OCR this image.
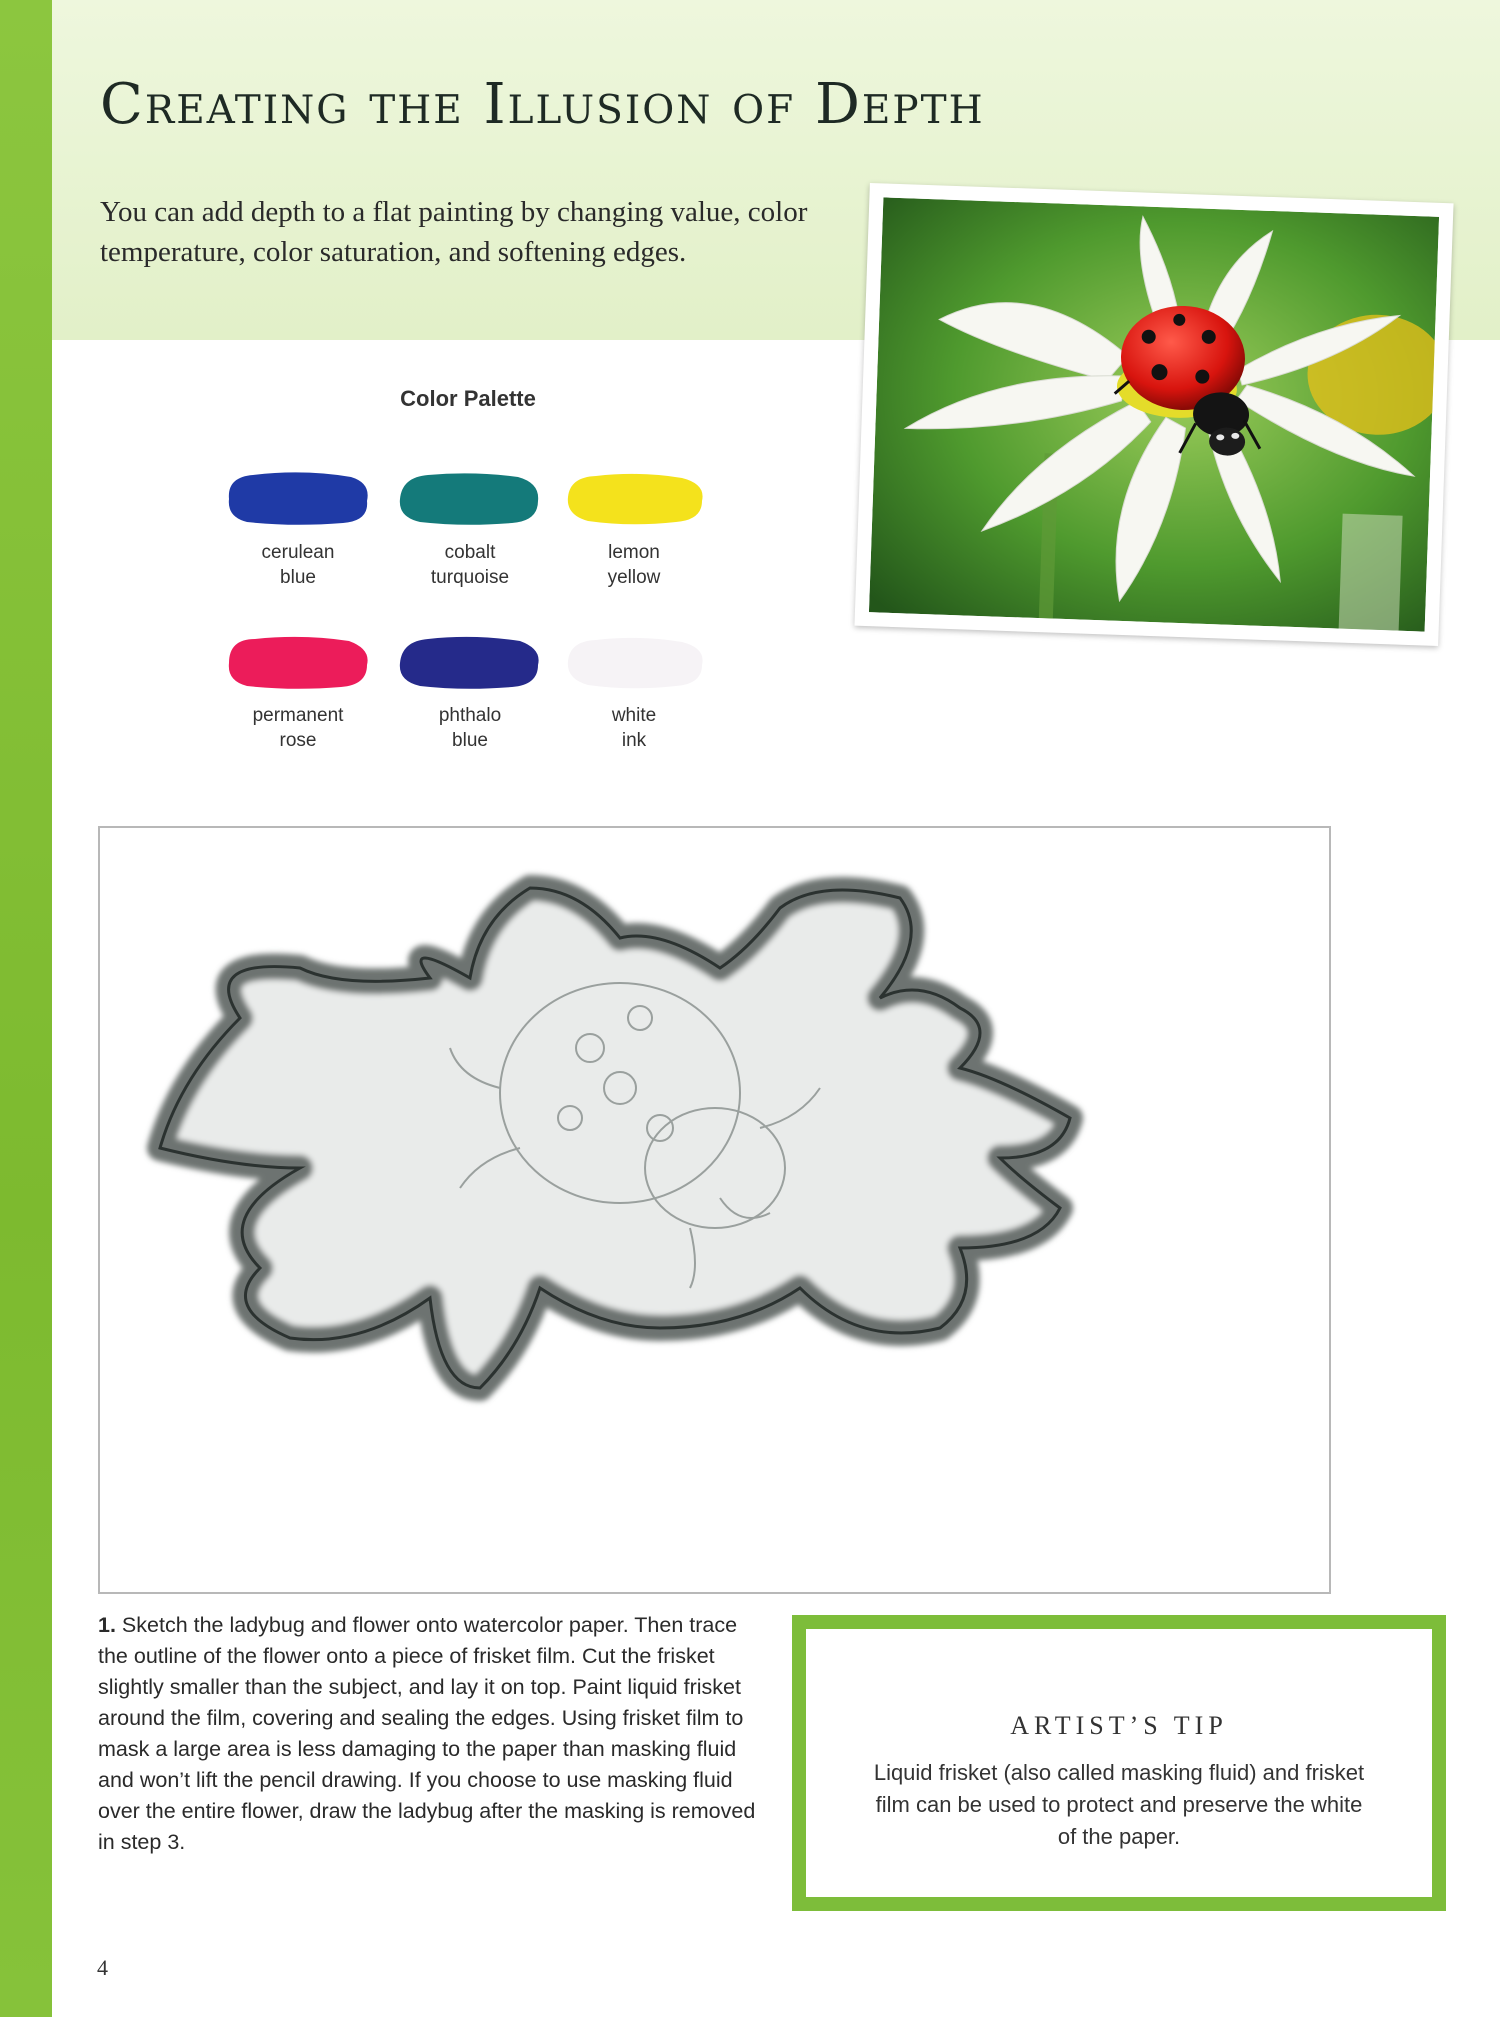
Creating the Illusion of Depth

You can add depth to a flat painting by changing value, color temperature, color saturation, and softening edges.

Color Palette
cerulean
blue
cobalt
turquoise
lemon
yellow
permanent
rose
phthalo
blue
white
ink

1. Sketch the ladybug and flower onto watercolor paper. Then trace the outline of the flower onto a piece of frisket film. Cut the frisket slightly smaller than the subject, and lay it on top. Paint liquid frisket around the film, covering and sealing the edges. Using frisket film to mask a large area is less damaging to the paper than masking fluid and won’t lift the pencil drawing. If you choose to use masking fluid over the entire flower, draw the ladybug after the masking is removed in step 3.

ARTIST’S TIP

Liquid frisket (also called masking fluid) and frisket film can be used to protect and preserve the white of the paper.

4
